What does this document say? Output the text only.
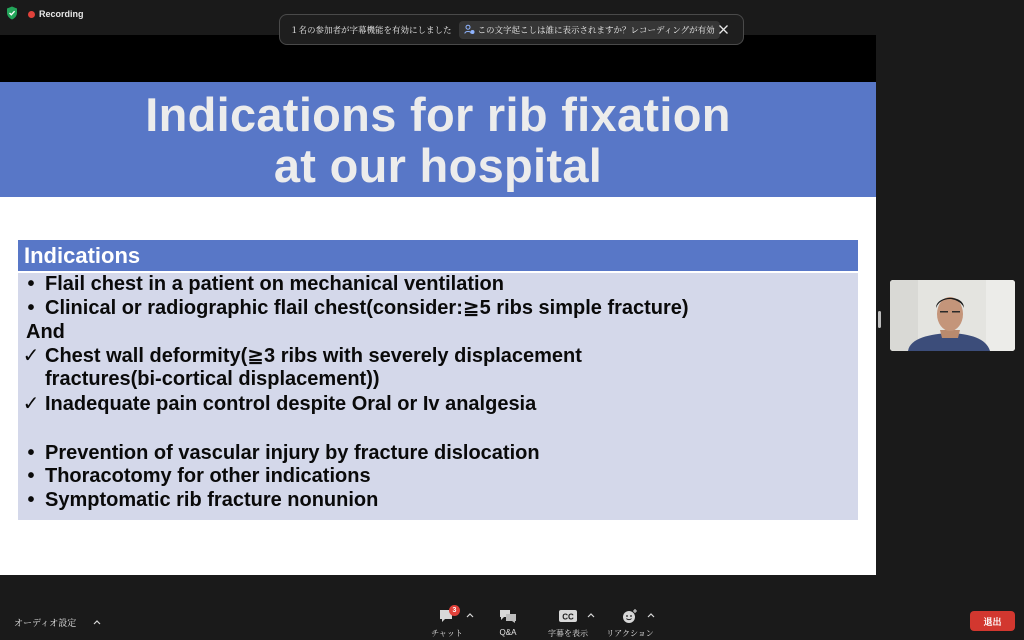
Recording
Indications for rib fixation
at our hospital
Indications
• Flail chest in a patient on mechanical ventilation
• Clinical or radiographic flail chest(consider:≧5 ribs simple fracture)
And
✓ Chest wall deformity(≧3 ribs with severely displacement
fractures(bi-cortical displacement))
✓ Inadequate pain control despite Oral or Iv analgesia
• Prevention of vascular injury by fracture dislocation
• Thoracotomy for other indications
• Symptomatic rib fracture nonunion
１名の参加者が字幕機能を有効にしました	この文字起こしは誰に表示されますか？レコーディングが有効
オーディオ設定
3
チャット	Q&A
CC
字幕を表示	リアクション
退出
